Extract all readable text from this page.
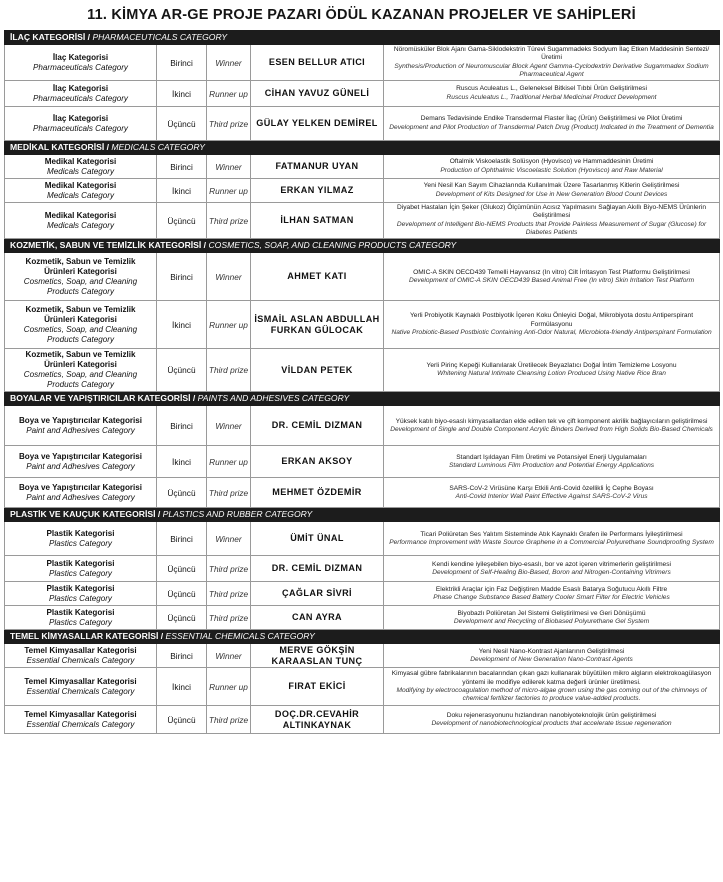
11. KİMYA AR-GE PROJE PAZARI ÖDÜL KAZANAN PROJELER VE SAHİPLERİ
İLAÇ KATEGORİSİ / PHARMACEUTICALS CATEGORY				

İlaç Kategorisi
Pharmaceuticals Category	Birinci	Winner	ESEN BELLUR ATICI	Nöromüsküler Blok Ajanı Gama-Siklodekstrin Türevi Sugammadeks Sodyum İlaç Etken Maddesinin Sentezi/Üretimi
Synthesis/Production of Neuromuscular Block Agent Gamma-Cyclodextrin Derivative Sugammadex Sodium Pharmaceutical Agent

İlaç Kategorisi
Pharmaceuticals Category	İkinci	Runner up	CİHAN YAVUZ GÜNELİ	Ruscus Aculeatus L., Geleneksel Bitkisel Tıbbi Ürün Geliştirilmesi
Ruscus Aculeatus L., Traditional Herbal Medicinal Product Development

İlaç Kategorisi
Pharmaceuticals Category	Üçüncü	Third prize	GÜLAY YELKEN DEMİREL	Demans Tedavisinde Endike Transdermal Flaster İlaç (Ürün) Geliştirilmesi ve Pilot Üretimi
Development and Pilot Production of Transdermal Patch Drug (Product) Indicated in the Treatment of Dementia

MEDİKAL KATEGORİSİ / MEDICALS CATEGORY				

Medikal Kategorisi
Medicals Category	Birinci	Winner	FATMANUR UYAN	Oftalmik Viskoelastik Solüsyon (Hyovisco) ve Hammaddesinin Üretimi
Production of Ophthalmic Viscoelastic Solution (Hyovisco) and Raw Material

Medikal Kategorisi
Medicals Category	İkinci	Runner up	ERKAN YILMAZ	Yeni Nesil Kan Sayım Cihazlarında Kullanılmak Üzere Tasarlanmış Kitlerin Geliştirilmesi
Development of Kits Designed for Use in New Generation Blood Count Devices

Medikal Kategorisi
Medicals Category	Üçüncü	Third prize	İLHAN SATMAN	Diyabet Hastaları İçin Şeker (Glukoz) Ölçümünün Acısız Yapılmasını Sağlayan Akıllı Biyo-NEMS Ürünlerin Geliştirilmesi
Development of Intelligent Bio-NEMS Products that Provide Painless Measurement of Sugar (Glucose) for Diabetes Patients

KOZMETİK, SABUN VE TEMİZLİK KATEGORİSİ / COSMETICS, SOAP, AND CLEANING PRODUCTS CATEGORY				

Kozmetik, Sabun ve Temizlik Ürünleri Kategorisi
Cosmetics, Soap, and Cleaning Products Category	Birinci	Winner	AHMET KATI	OMIC-A SKIN OECD439 Temelli Hayvansız (In vitro) Cilt İrritasyon Test Platformu Geliştirilmesi
Development of OMIC-A SKIN OECD439 Based Animal Free (In vitro) Skin Irritation Test Platform

Kozmetik, Sabun ve Temizlik Ürünleri Kategorisi
Cosmetics, Soap, and Cleaning Products Category	İkinci	Runner up	İSMAİL ASLAN ABDULLAH FURKAN GÜLOCAK	Yerli Probiyotik Kaynaklı Postbiyotik İçeren Koku Önleyici Doğal, Mikrobiyota dostu Antiperspirant Formülasyonu
Native Probiotic-Based Postbiotic Containing Anti-Odor Natural, Microbiota-friendly Antiperspirant Formulation

Kozmetik, Sabun ve Temizlik Ürünleri Kategorisi
Cosmetics, Soap, and Cleaning Products Category	Üçüncü	Third prize	VİLDAN PETEK	Yerli Pirinç Kepeği Kullanılarak Üretilecek Beyazlatıcı Doğal İntim Temizleme Losyonu
Whitening Natural Intimate Cleansing Lotion Produced Using Native Rice Bran

BOYALAR VE YAPIŞTIRICILAR KATEGORİSİ / PAINTS AND ADHESIVES CATEGORY				

Boya ve Yapıştırıcılar Kategorisi
Paint and Adhesives Category	Birinci	Winner	DR. CEMİL DIZMAN	Yüksek katılı biyo-esaslı kimyasallardan elde edilen tek ve çift komponent akrilik bağlayıcıların geliştirilmesi
Development of Single and Double Component Acrylic Binders Derived from High Solids Bio-Based Chemicals

Boya ve Yapıştırıcılar Kategorisi
Paint and Adhesives Category	İkinci	Runner up	ERKAN AKSOY	Standart Işıldayan Film Üretimi ve Potansiyel Enerji Uygulamaları
Standard Luminous Film Production and Potential Energy Applications

Boya ve Yapıştırıcılar Kategorisi
Paint and Adhesives Category	Üçüncü	Third prize	MEHMET ÖZDEMİR	SARS-CoV-2 Virüsüne Karşı Etkili Anti-Covid özellikli İç Cephe Boyası
Anti-Covid Interior Wall Paint Effective Against SARS-CoV-2 Virus

PLASTİK VE KAUÇUK KATEGORİSİ / PLASTICS AND RUBBER CATEGORY				

Plastik Kategorisi
Plastics Category	Birinci	Winner	ÜMİT ÜNAL	Ticari Poliüretan Ses Yalıtım Sisteminde Atık Kaynaklı Grafen ile Performans İyileştirilmesi
Performance Improvement with Waste Source Graphene in a Commercial Polyurethane Soundproofing System

Plastik Kategorisi
Plastics Category	Üçüncü	Third prize	DR. CEMİL DIZMAN	Kendi kendine iyileşebilen biyo-esaslı, bor ve azot içeren vitrimerlerin geliştirilmesi
Development of Self-Healing Bio-Based, Boron and Nitrogen-Containing Vitrimers

Plastik Kategorisi
Plastics Category	Üçüncü	Third prize	ÇAĞLAR SİVRİ	Elektrikli Araçlar için Faz Değiştiren Madde Esaslı Batarya Soğutucu Akıllı Filtre
Phase Change Substance Based Battery Cooler Smart Filter for Electric Vehicles

Plastik Kategorisi
Plastics Category	Üçüncü	Third prize	CAN AYRA	Biyobazlı Poliüretan Jel Sistemi Geliştirilmesi ve Geri Dönüşümü
Development and Recycling of Biobased Polyurethane Gel System

TEMEL KİMYASALLAR KATEGORİSİ / ESSENTIAL CHEMICALS CATEGORY				

Temel Kimyasallar Kategorisi
Essential Chemicals Category	Birinci	Winner	MERVE GÖKŞİN KARAASLAN TUNÇ	Yeni Nesil Nano-Kontrast Ajanlarının Geliştirilmesi
Development of New Generation Nano-Contrast Agents

Temel Kimyasallar Kategorisi
Essential Chemicals Category	İkinci	Runner up	FIRAT EKİCİ	Kimyasal gübre fabrikalarının bacalarından çıkan gazı kullanarak büyütülen mikro algların elektrokoagülasyon yöntemi ile modifiye edilerek katma değerli ürünler üretilmesi.
Modifying by electrocoagulation method of micro-algae grown using the gas coming out of the chimneys of chemical fertilizer factories to produce value-added products.

Temel Kimyasallar Kategorisi
Essential Chemicals Category	Üçüncü	Third prize	DOÇ.DR.CEVAHİR ALTINKAYNAK	Doku rejenerasyonunu hızlandıran nanobiyoteknolojik ürün geliştirilmesi
Development of nanobiotechnological products that accelerate tissue regeneration
